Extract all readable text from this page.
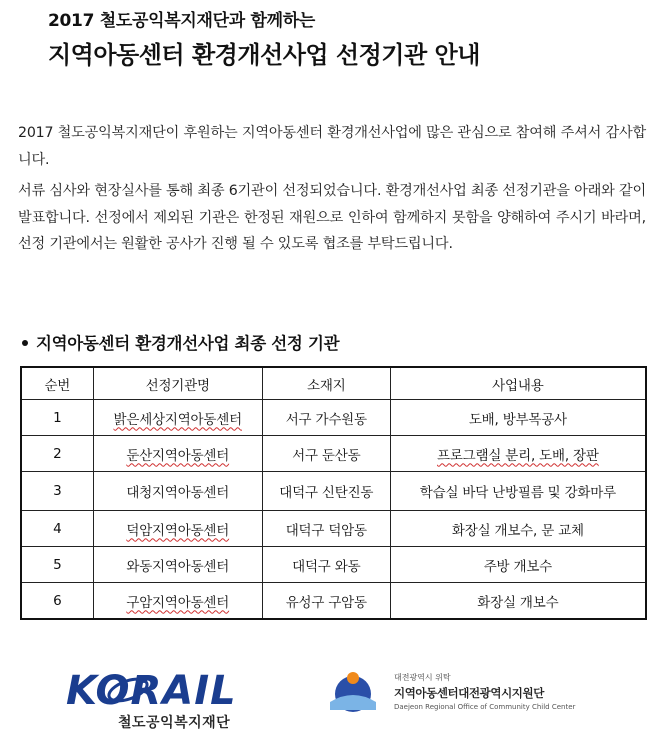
2017 철도공익복지재단과 함께하는
지역아동센터 환경개선사업 선정기관 안내
2017 철도공익복지재단이 후원하는 지역아동센터 환경개선사업에 많은 관심으로 참여해 주셔서 감사합니다.
서류 심사와 현장실사를 통해 최종 6기관이 선정되었습니다. 환경개선사업 최종 선정기관을 아래와 같이 발표합니다. 선정에서 제외된 기관은 한정된 재원으로 인하여 함께하지 못함을 양해하여 주시기 바라며, 선정 기관에서는 원활한 공사가 진행 될 수 있도록 협조를 부탁드립니다.
지역아동센터 환경개선사업 최종 선정 기관
순번	선정기관명	소재지	사업내용
1	밝은세상지역아동센터	서구 가수원동	도배, 방부목공사
2	둔산지역아동센터	서구 둔산동	프로그램실 분리, 도배, 장판
3	대청지역아동센터	대덕구 신탄진동	학습실 바닥 난방필름 및 강화마루
4	덕암지역아동센터	대덕구 덕암동	화장실 개보수, 문 교체
5	와동지역아동센터	대덕구 와동	주방 개보수
6	구암지역아동센터	유성구 구암동	화장실 개보수
KORAIL
철도공익복지재단
대전광역시 위탁
지역아동센터대전광역시지원단
Daejeon Regional Office of Community Child Center
